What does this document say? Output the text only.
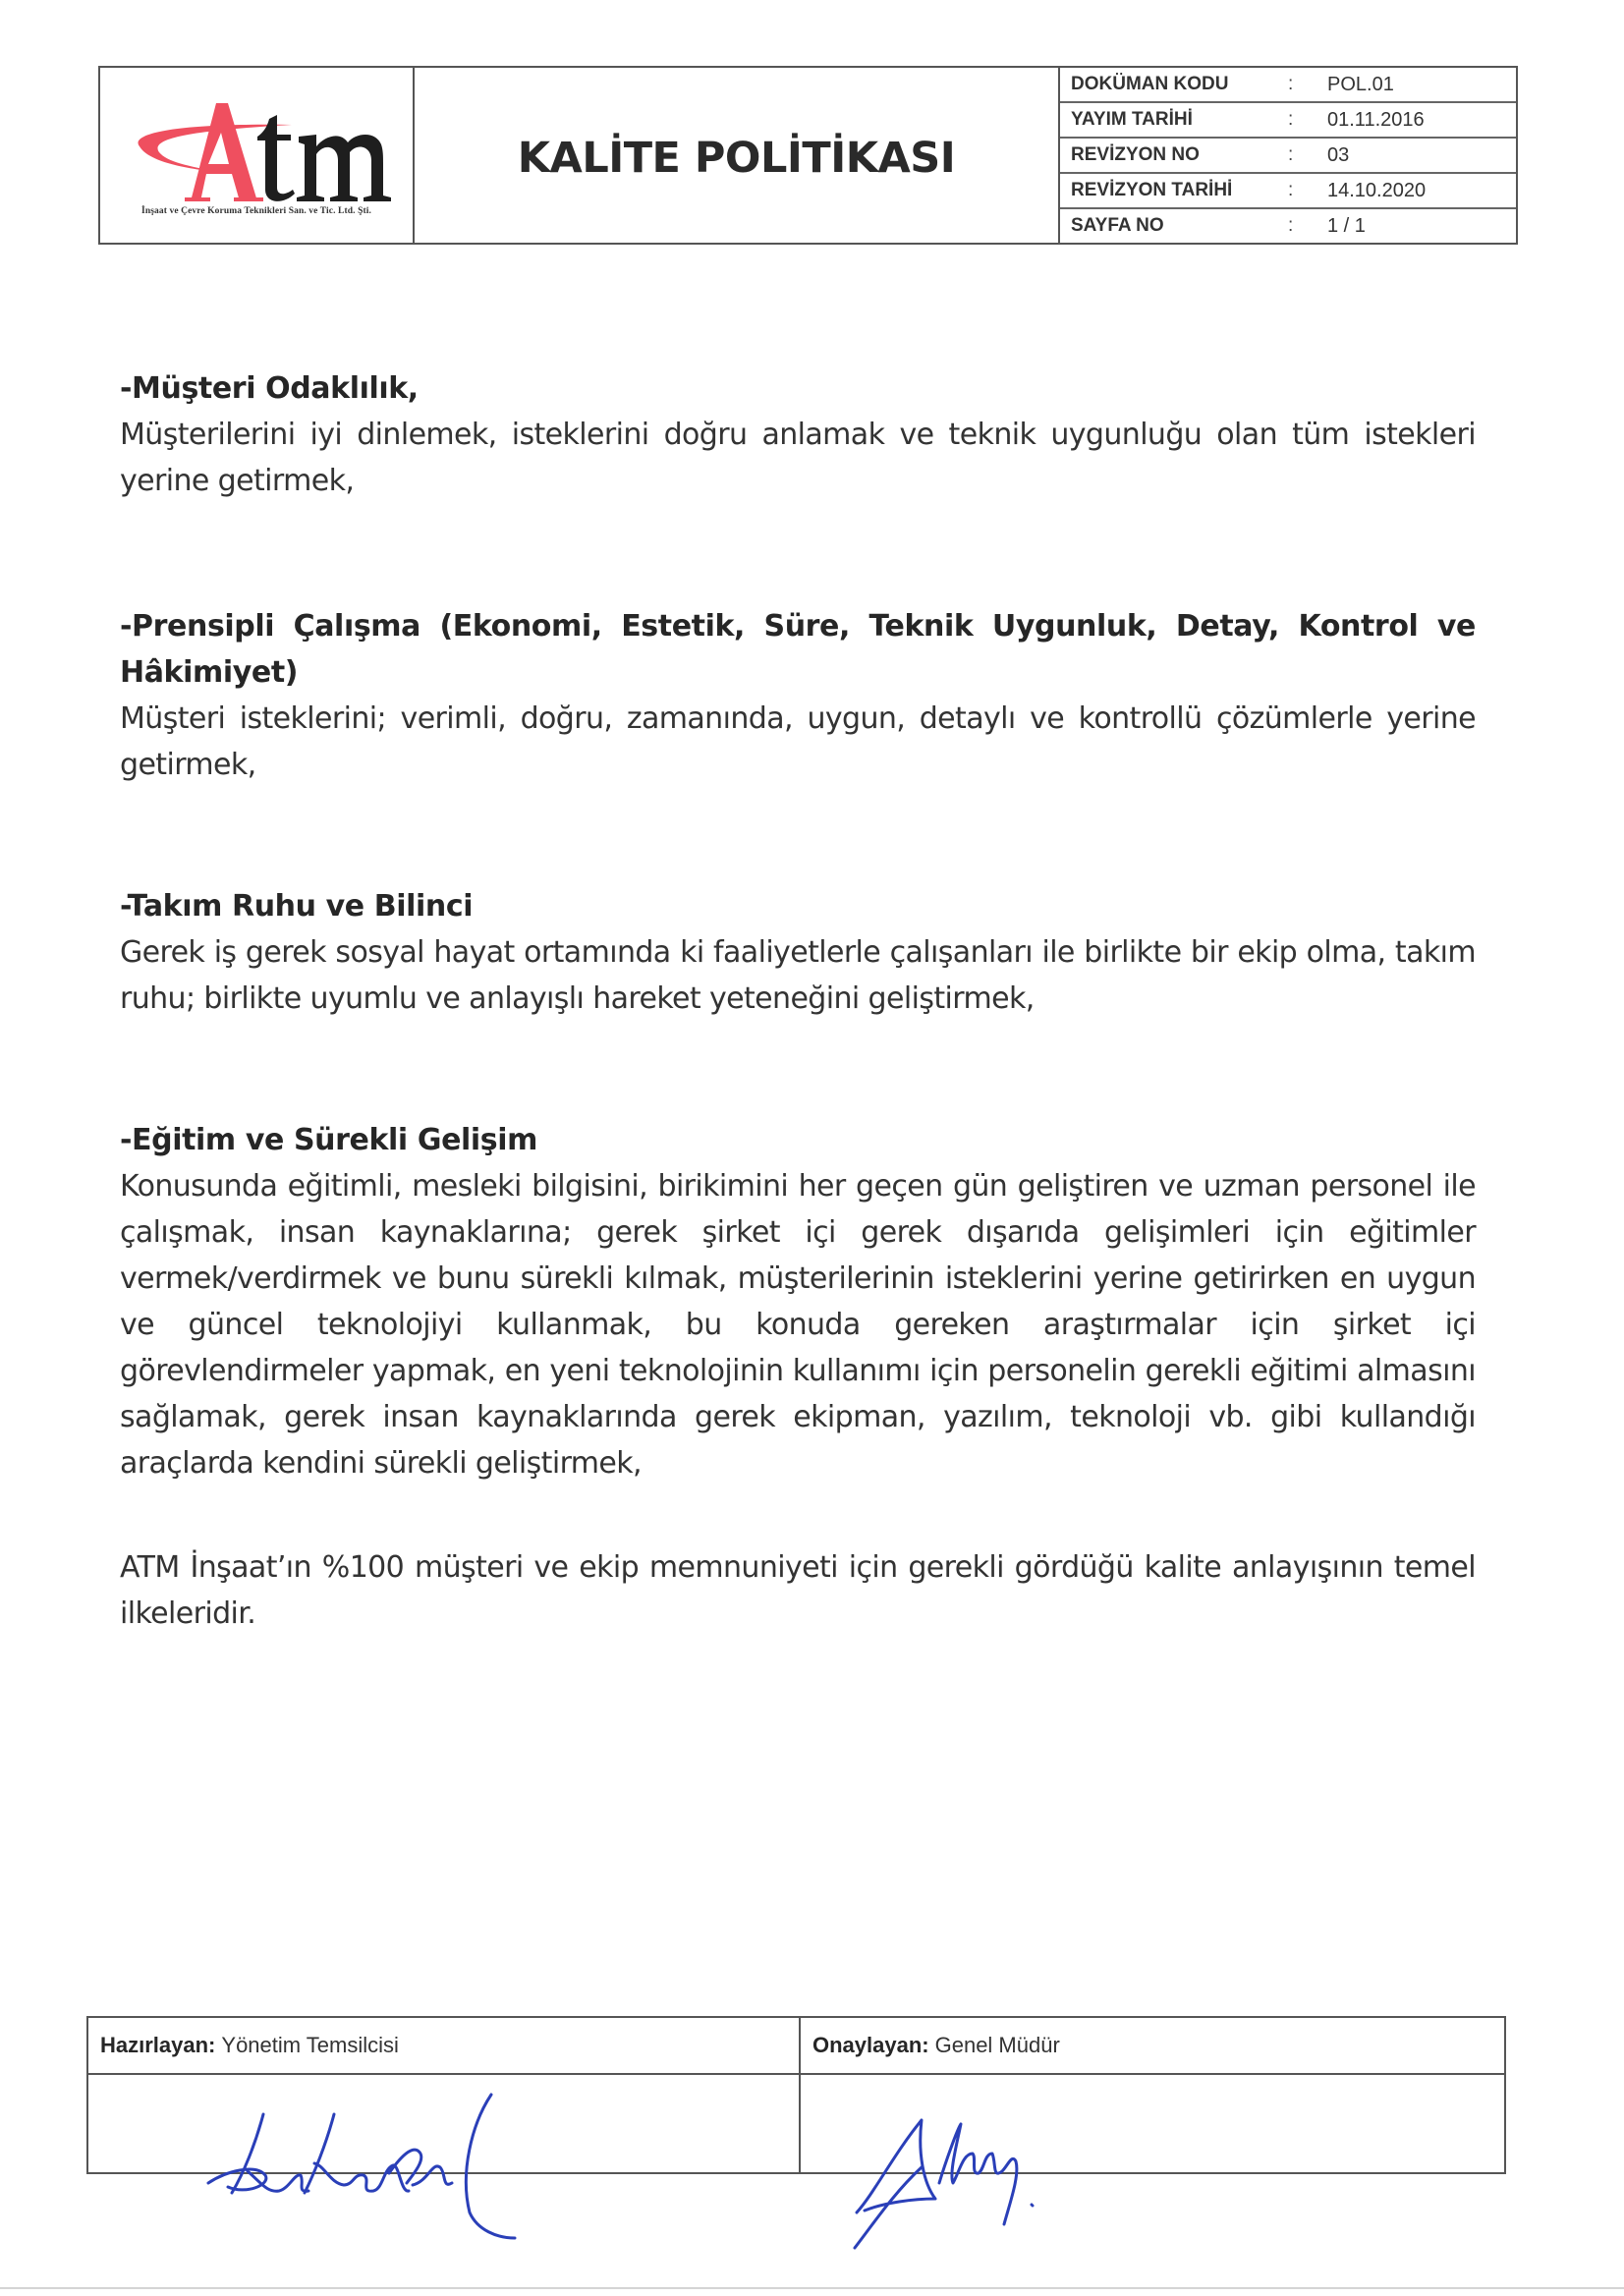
İnşaat ve Çevre Koruma Teknikleri San. ve Tic. Ltd. Şti.
KALİTE POLİTİKASI
DOKÜMAN KODU	:	POL.01
YAYIM TARİHİ	:	01.11.2016
REVİZYON NO	:	03
REVİZYON TARİHİ	:	14.10.2020
SAYFA NO	:	1 / 1
-Müşteri Odaklılık,
Müşterilerini iyi dinlemek, isteklerini doğru anlamak ve teknik uygunluğu olan tüm istekleri yerine getirmek,
-Prensipli Çalışma (Ekonomi, Estetik, Süre, Teknik Uygunluk, Detay, Kontrol ve Hâkimiyet)
Müşteri isteklerini; verimli, doğru, zamanında, uygun, detaylı ve kontrollü çözümlerle yerine getirmek,
-Takım Ruhu ve Bilinci
Gerek iş gerek sosyal hayat ortamında ki faaliyetlerle çalışanları ile birlikte bir ekip olma, takım ruhu; birlikte uyumlu ve anlayışlı hareket yeteneğini geliştirmek,
-Eğitim ve Sürekli Gelişim
Konusunda eğitimli, mesleki bilgisini, birikimini her geçen gün geliştiren ve uzman personel ile çalışmak, insan kaynaklarına; gerek şirket içi gerek dışarıda gelişimleri için eğitimler vermek/verdirmek ve bunu sürekli kılmak, müşterilerinin isteklerini yerine getirirken en uygun ve güncel teknolojiyi kullanmak, bu konuda gereken araştırmalar için şirket içi görevlendirmeler yapmak, en yeni teknolojinin kullanımı için personelin gerekli eğitimi almasını sağlamak, gerek insan kaynaklarında gerek ekipman, yazılım, teknoloji vb. gibi kullandığı araçlarda kendini sürekli geliştirmek,
ATM İnşaat’ın %100 müşteri ve ekip memnuniyeti için gerekli gördüğü kalite anlayışının temel ilkeleridir.
Hazırlayan: Yönetim Temsilcisi	Onaylayan: Genel Müdür
